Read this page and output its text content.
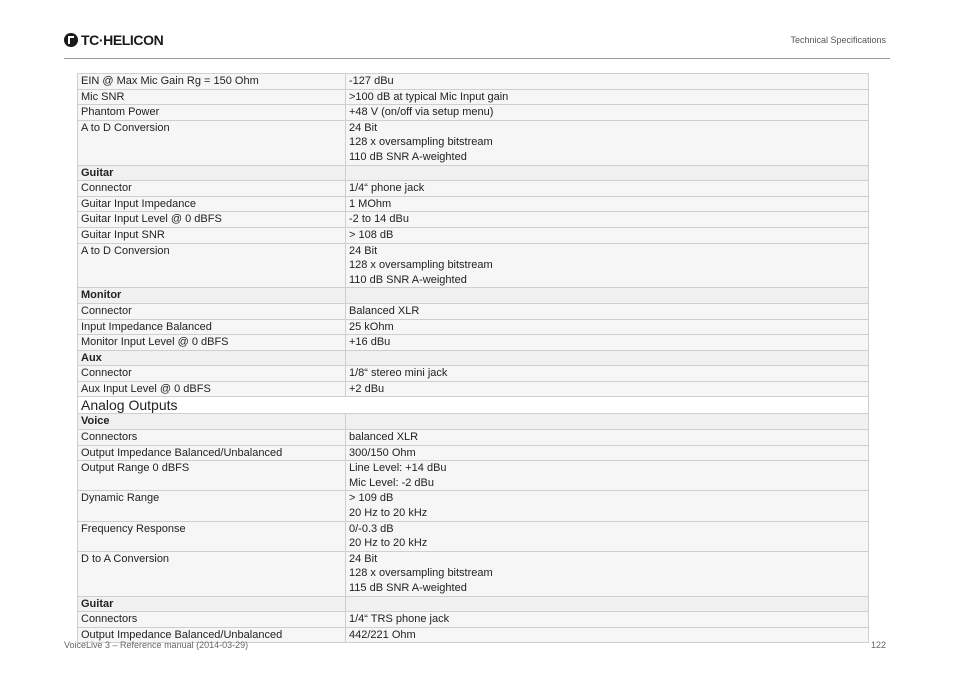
TC·HELICON	Technical Specifications
EIN @ Max Mic Gain Rg = 150 Ohm	-127 dBu

Mic SNR	>100 dB at typical Mic Input gain

Phantom Power	+48 V (on/off via setup menu)

A to D Conversion	24 Bit
128 x oversampling bitstream
110 dB SNR A-weighted

Guitar	
Connector	1/4“ phone jack

Guitar Input Impedance	1 MOhm

Guitar Input Level @ 0 dBFS	-2 to 14 dBu

Guitar Input SNR	> 108 dB

A to D Conversion	24 Bit
128 x oversampling bitstream
110 dB SNR A-weighted

Monitor	
Connector	Balanced XLR

Input Impedance Balanced	25 kOhm

Monitor Input Level @ 0 dBFS	+16 dBu

Aux	
Connector	1/8“ stereo mini jack

Aux Input Level @ 0 dBFS	+2 dBu

Analog Outputs	
Voice	
Connectors	balanced XLR

Output Impedance Balanced/Unbalanced	300/150 Ohm

Output Range 0 dBFS	Line Level: +14 dBu
Mic Level: -2 dBu

Dynamic Range	> 109 dB
20 Hz to 20 kHz

Frequency Response	0/-0.3 dB
20 Hz to 20 kHz

D to A Conversion	24 Bit
128 x oversampling bitstream
115 dB SNR A-weighted

Guitar	
Connectors	1/4“ TRS phone jack

Output Impedance Balanced/Unbalanced	442/221 Ohm
VoiceLive 3 – Reference manual (2014-03-29)	122
